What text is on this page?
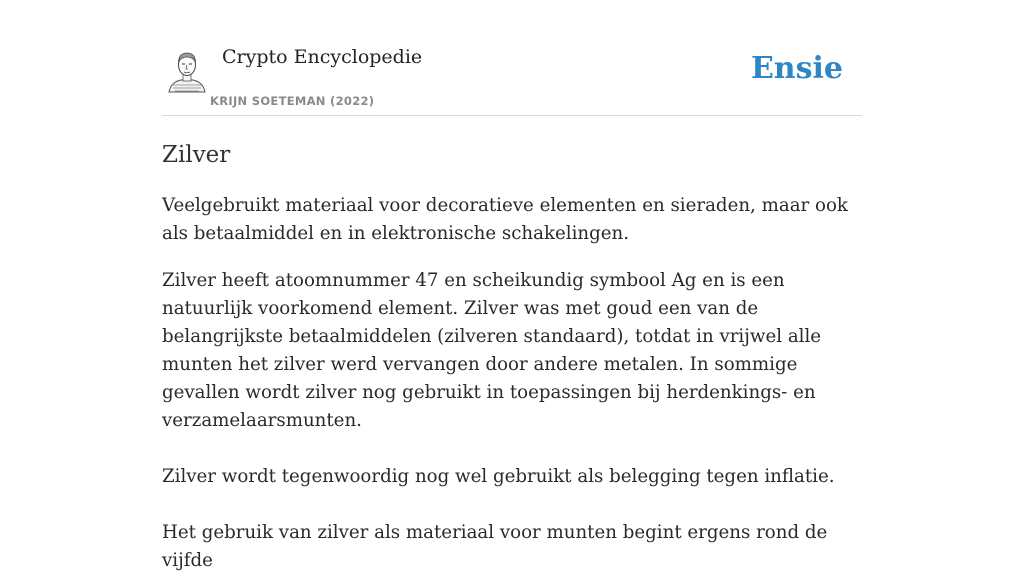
Crypto Encyclopedie
KRIJN SOETEMAN (2022)
Ensie
Zilver

Veelgebruikt materiaal voor decoratieve elementen en sieraden, maar ook als betaalmiddel en in elektronische schakelingen.

Zilver heeft atoomnummer 47 en scheikundig symbool Ag en is een natuurlijk voorkomend element. Zilver was met goud een van de belangrijkste betaalmiddelen (zilveren standaard), totdat in vrijwel alle munten het zilver werd vervangen door andere metalen. In sommige gevallen wordt zilver nog gebruikt in toepassingen bij herdenkings- en verzamelaarsmunten.

Zilver wordt tegenwoordig nog wel gebruikt als belegging tegen inflatie.

Het gebruik van zilver als materiaal voor munten begint ergens rond de vijfde
